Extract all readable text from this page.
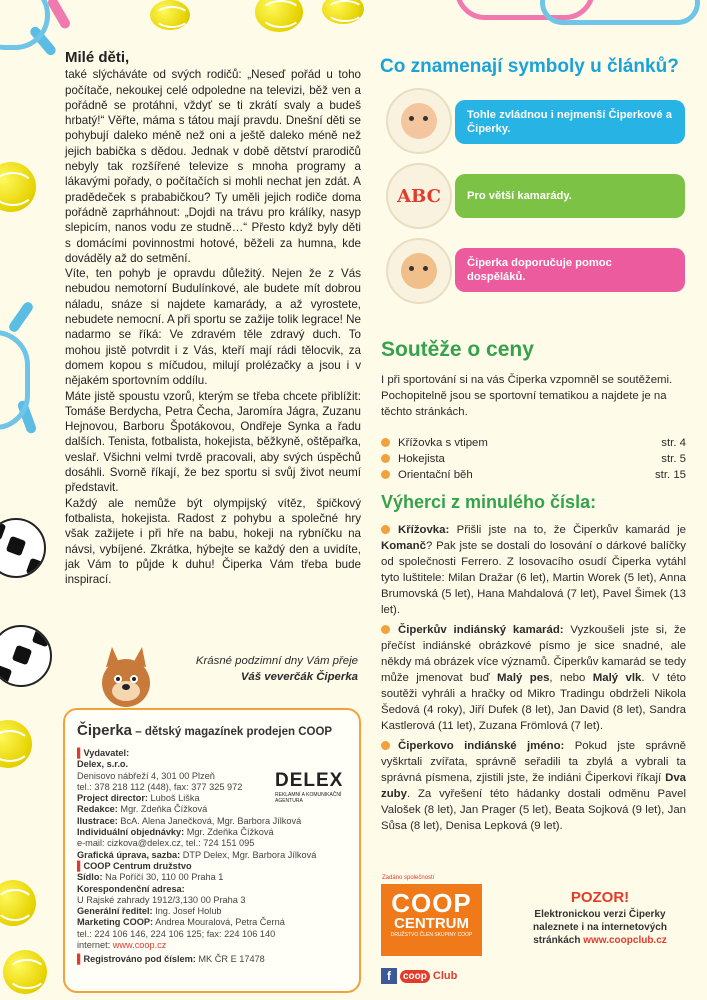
Milé děti,

také slýcháváte od svých rodičů: „Neseď pořád u toho počítače, nekoukej celé odpoledne na televizi, běž ven a pořádně se protáhni, vždyť se ti zkrátí svaly a budeš hrbatý!“ Věřte, máma s tátou mají pravdu. Dnešní děti se pohybují daleko méně než oni a ještě daleko méně než jejich babička s dědou. Jednak v době dětství prarodičů nebyly tak rozšířené televize s mnoha programy a lákavými pořady, o počítačích si mohli nechat jen zdát. A pradědeček s prababičkou? Ty uměli jejich rodiče doma pořádně zaprháhnout: „Dojdi na trávu pro králíky, nasyp slepicím, nanos vodu ze studně…“ Přesto když byly děti s domácími povinnostmi hotové, běželi za humna, kde dováděly až do setmění.

Víte, ten pohyb je opravdu důležitý. Nejen že z Vás nebudou nemotorní Budulínkové, ale budete mít dobrou náladu, snáze si najdete kamarády, a až vyrostete, nebudete nemocní. A při sportu se zažije tolik legrace! Ne nadarmo se říká: Ve zdravém těle zdravý duch. To mohou jistě potvrdit i z Vás, kteří mají rádi tělocvik, za domem kopou s míčudou, milují prolézačky a jsou i v nějakém sportovním oddílu.

Máte jistě spoustu vzorů, kterým se třeba chcete přiblížit: Tomáše Berdycha, Petra Čecha, Jaromíra Jágra, Zuzanu Hejnovou, Barboru Špotákovou, Ondřeje Synka a řadu dalších. Tenista, fotbalista, hokejista, běžkyně, oštěpařka, veslař. Všichni velmi tvrdě pracovali, aby svých úspěchů dosáhli. Svorně říkají, že bez sportu si svůj život neumí představit.

Každý ale nemůže být olympijský vítěz, špičkový fotbalista, hokejista. Radost z pohybu a společné hry však zažijete i při hře na babu, hokeji na rybníčku na návsi, vybíjené. Zkrátka, hýbejte se každý den a uvidíte, jak Vám to půjde k duhu! Čiperka Vám třeba bude inspirací.

Krásné podzimní dny Vám přeje
Váš veverčák Čiperka
Čiperka – dětský magazínek prodejen COOP
DELEX
REKLAMNÍ A KOMUNIKAČNÍ AGENTURA
▌Vydavatel:
Delex, s.r.o.
Denisovo nábřeží 4, 301 00 Plzeň
tel.: 378 218 112 (448), fax: 377 325 972
Project director: Luboš Liška
Redakce: Mgr. Zdeňka Čížková
Ilustrace: BcA. Alena Janečková, Mgr. Barbora Jílková
Individuální objednávky: Mgr. Zdeňka Čížková
e-mail: cizkova@delex.cz, tel.: 724 151 095
Grafická úprava, sazba: DTP Delex, Mgr. Barbora Jílková
▌COOP Centrum družstvo
Sídlo: Na Poříčí 30, 110 00 Praha 1
Korespondenční adresa:
U Rajské zahrady 1912/3,130 00 Praha 3
Generální ředitel: Ing. Josef Holub
Marketing COOP: Andrea Mouralová, Petra Černá
tel.: 224 106 146, 224 106 125; fax: 224 106 140
internet: www.coop.cz
▌Registrováno pod číslem: MK ČR E 17478
Co znamenají symboly u článků?
Tohle zvládnou i nejmenší Čiperkové a Čiperky.
Pro větší kamarády.
ABC
Čiperka doporučuje pomoc dospěláků.
Soutěže o ceny
I při sportování si na vás Čiperka vzpomněl se soutěžemi. Pochopitelně jsou se sportovní tematikou a najdete je na těchto stránkách.
Křížovka s vtipem	str. 4
Hokejista	str. 5
Orientační běh	str. 15
Výherci z minulého čísla:

Křížovka: Přišli jste na to, že Čiperkův kamarád je Komanč? Pak jste se dostali do losování o dárkové balíčky od společnosti Ferrero. Z losovacího osudí Čiperka vytáhl tyto luštitele: Milan Dražar (6 let), Martin Worek (5 let), Anna Brumovská (5 let), Hana Mahdalová (7 let), Pavel Šimek (13 let).

Čiperkův indiánský kamarád: Vyzkoušeli jste si, že přečíst indiánské obrázkové písmo je sice snadné, ale někdy má obrázek více významů. Čiperkův kamarád se tedy může jmenovat buď Malý pes, nebo Malý vlk. V této soutěži vyhráli a hračky od Mikro Tradingu obdrželi Nikola Šedová (4 roky), Jiří Dufek (8 let), Jan David (8 let), Sandra Kastlerová (11 let), Zuzana Frömlová (7 let).

Čiperkovo indiánské jméno: Pokud jste správně vyškrtali zvířata, správně seřadili ta zbylá a vybrali ta správná písmena, zjistili jste, že indiáni Čiperkovi říkají Dva zuby. Za vyřešení této hádanky dostali odměnu Pavel Valošek (8 let), Jan Prager (5 let), Beata Sojková (9 let), Jan Sůsa (8 let), Denisa Lepková (9 let).

Zadáno společností
COOP
CENTRUM
DRUŽSTVO ČLEN SKUPINY COOP
f	coop Club
POZOR!
Elektronickou verzi Čiperky
naleznete i na internetových
stránkách www.coopclub.cz
